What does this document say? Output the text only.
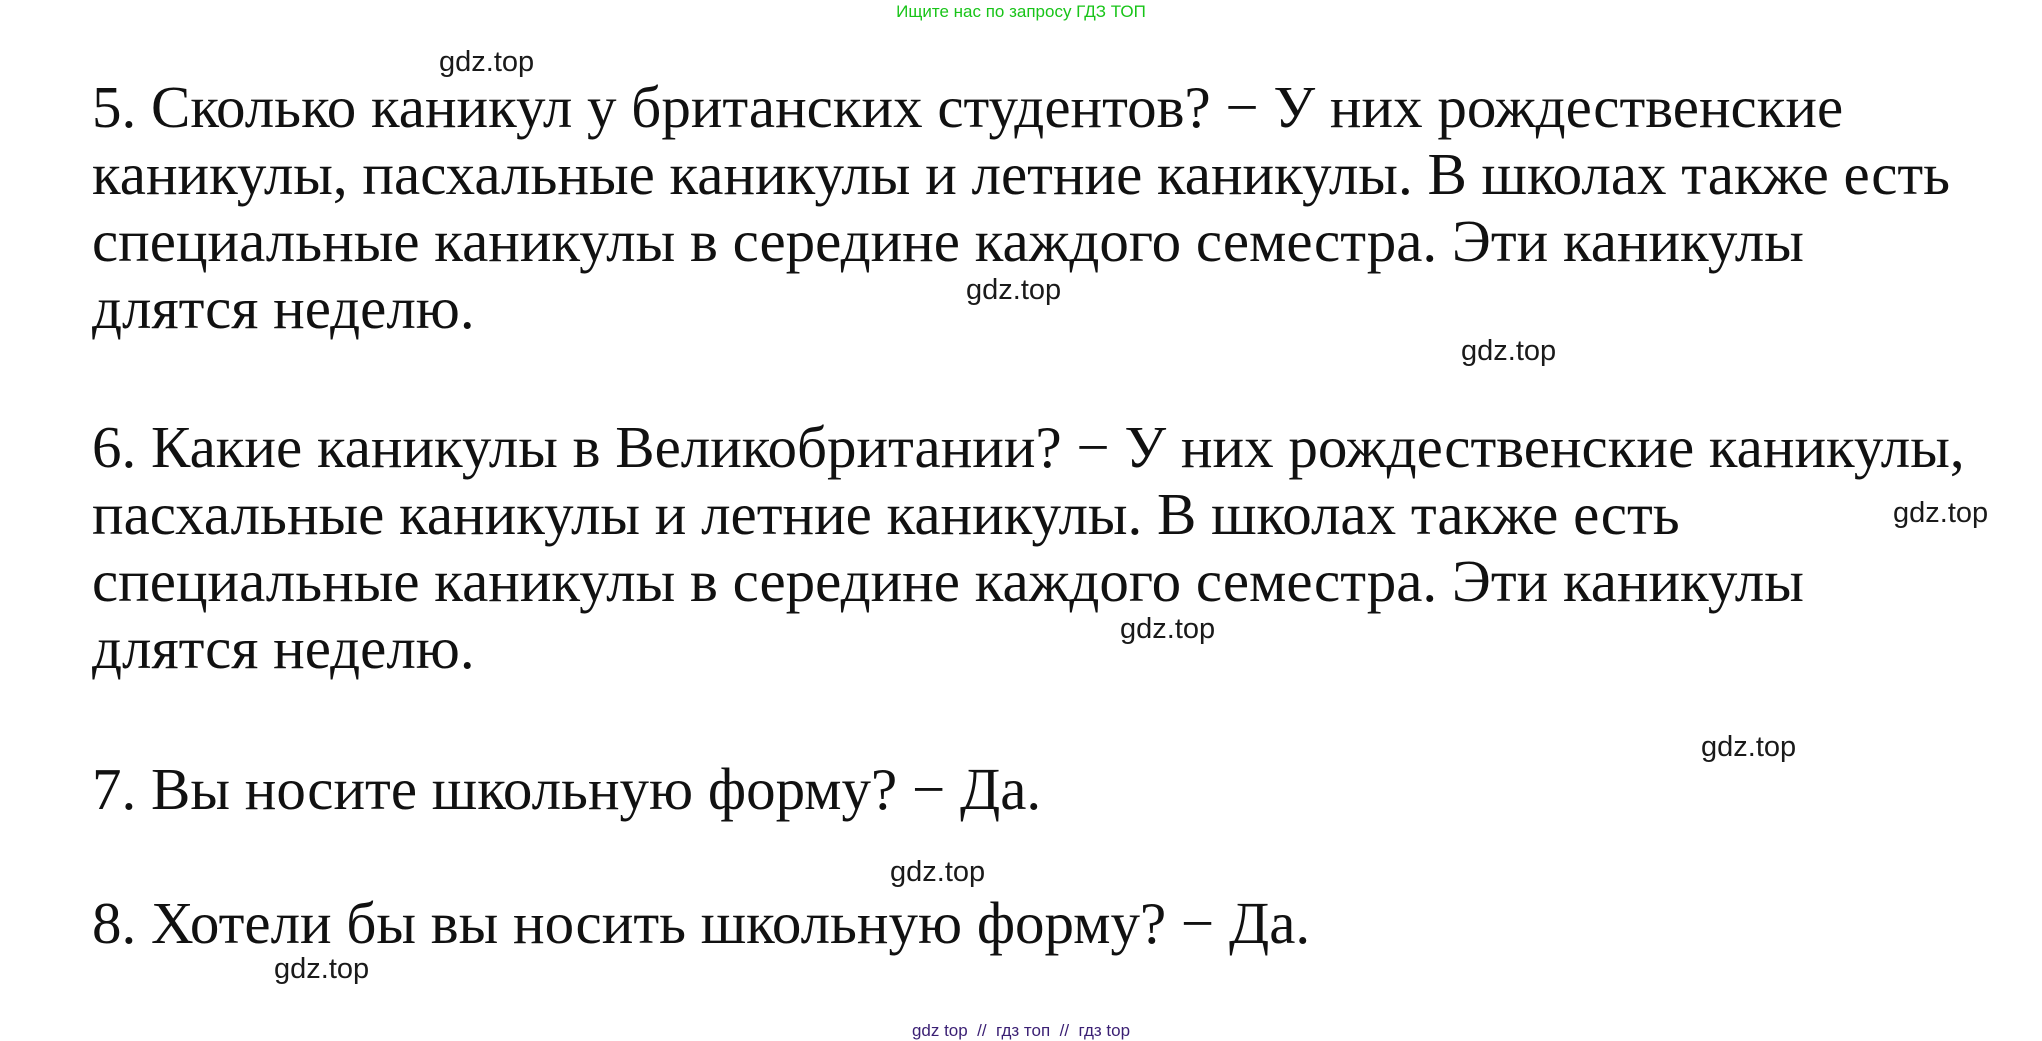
Ищите нас по запросу ГДЗ ТОП

5. Сколько каникул у британских студентов? − У них рождественские
каникулы, пасхальные каникулы и летние каникулы. В школах также есть
специальные каникулы в середине каждого семестра. Эти каникулы
длятся неделю.

6. Какие каникулы в Великобритании? − У них рождественские каникулы,
пасхальные каникулы и летние каникулы. В школах также есть
специальные каникулы в середине каждого семестра. Эти каникулы
длятся неделю.

7. Вы носите школьную форму? − Да.

8. Хотели бы вы носить школьную форму? − Да.

gdz.top
gdz.top
gdz.top
gdz.top
gdz.top
gdz.top
gdz.top
gdz.top
gdz top  //  гдз топ  //  гдз top
